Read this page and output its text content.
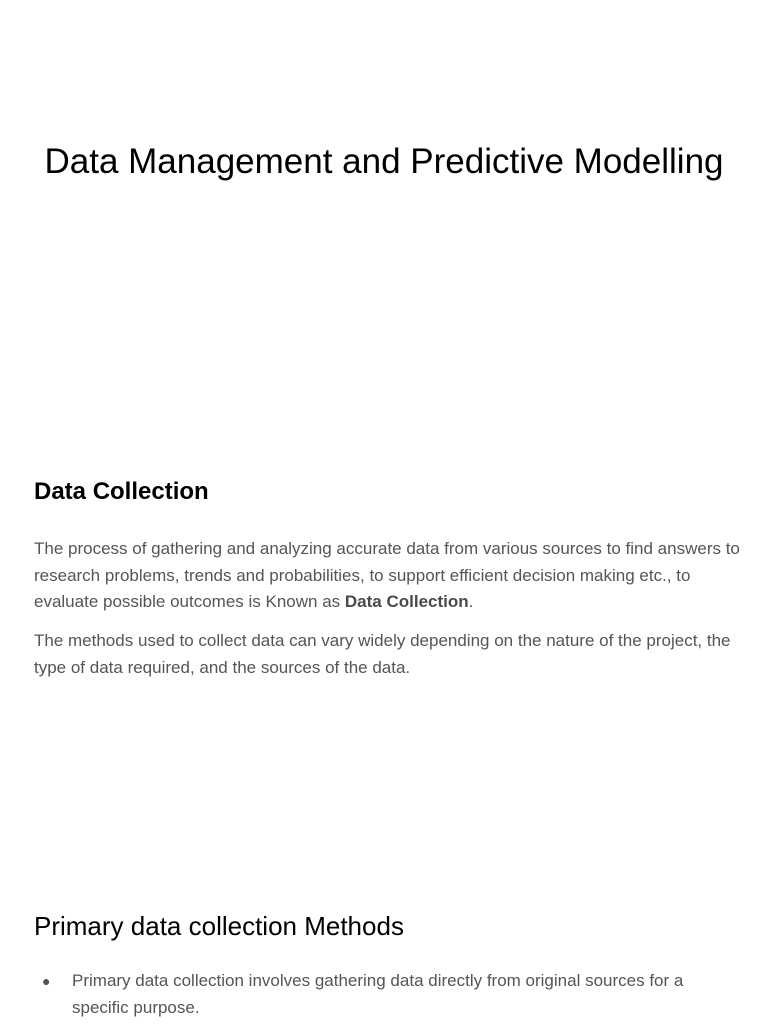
Data Management and Predictive Modelling
Data Collection

The process of gathering and analyzing accurate data from various sources to find answers to research problems, trends and probabilities, to support efficient decision making etc., to evaluate possible outcomes is Known as Data Collection.

The methods used to collect data can vary widely depending on the nature of the project, the type of data required, and the sources of the data.

Primary data collection Methods
● Primary data collection involves gathering data directly from original sources for a specific purpose.
